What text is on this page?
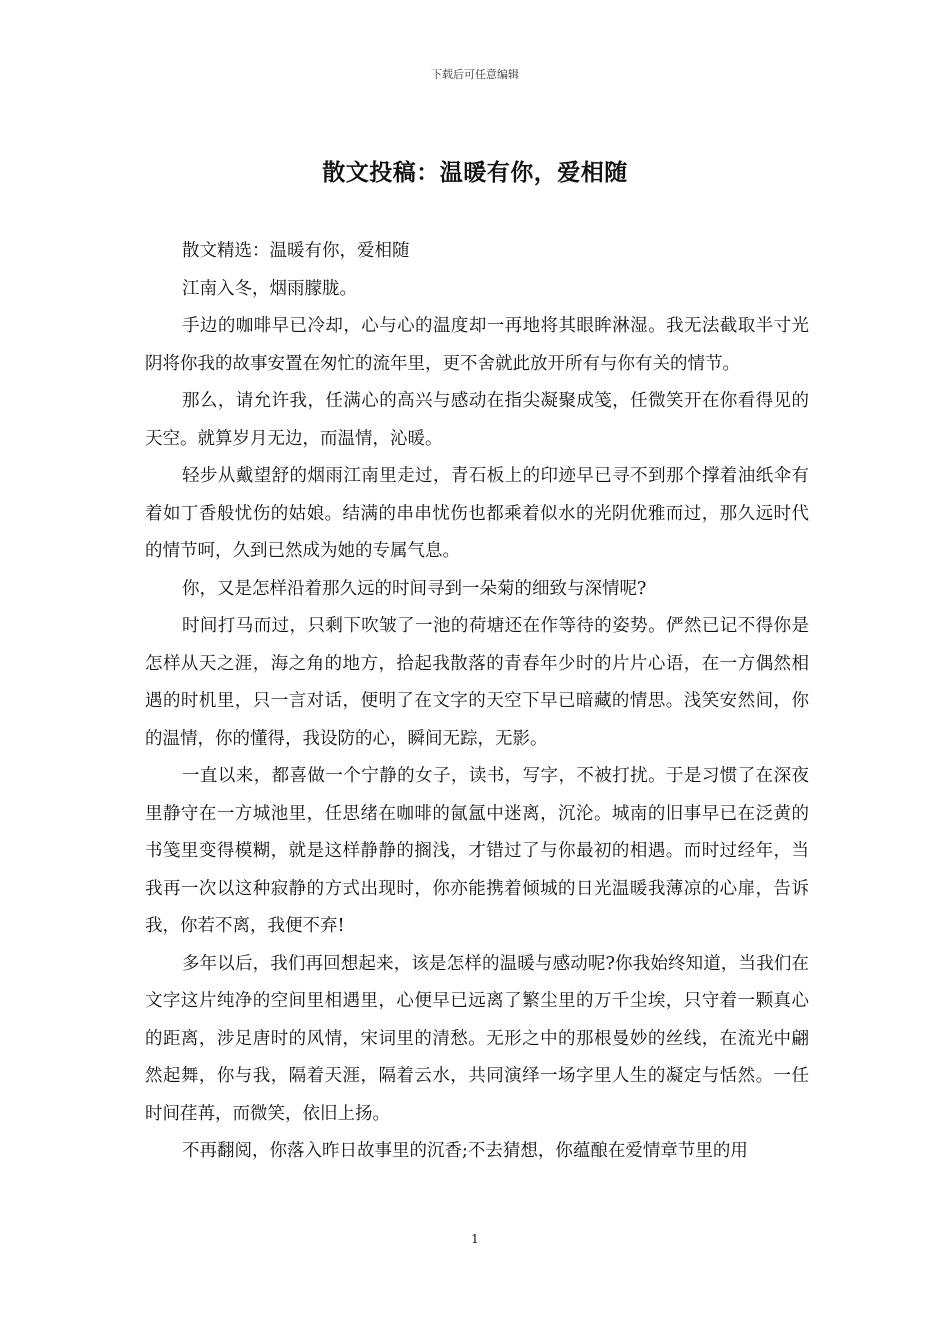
下载后可任意编辑
散文投稿：温暖有你，爱相随

散文精选：温暖有你，爱相随

江南入冬，烟雨朦胧。

手边的咖啡早已冷却，心与心的温度却一再地将其眼眸淋湿。我无法截取半寸光阴将你我的故事安置在匆忙的流年里，更不舍就此放开所有与你有关的情节。

那么，请允许我，任满心的高兴与感动在指尖凝聚成笺，任微笑开在你看得见的天空。就算岁月无边，而温情，沁暖。

轻步从戴望舒的烟雨江南里走过，青石板上的印迹早已寻不到那个撑着油纸伞有着如丁香般忧伤的姑娘。结满的串串忧伤也都乘着似水的光阴优雅而过，那久远时代的情节呵，久到已然成为她的专属气息。

你，又是怎样沿着那久远的时间寻到一朵菊的细致与深情呢?

时间打马而过，只剩下吹皱了一池的荷塘还在作等待的姿势。俨然已记不得你是怎样从天之涯，海之角的地方，拾起我散落的青春年少时的片片心语，在一方偶然相遇的时机里，只一言对话，便明了在文字的天空下早已暗藏的情思。浅笑安然间，你的温情，你的懂得，我设防的心，瞬间无踪，无影。

一直以来，都喜做一个宁静的女子，读书，写字，不被打扰。于是习惯了在深夜里静守在一方城池里，任思绪在咖啡的氤氲中迷离，沉沦。城南的旧事早已在泛黄的书笺里变得模糊，就是这样静静的搁浅，才错过了与你最初的相遇。而时过经年，当我再一次以这种寂静的方式出现时，你亦能携着倾城的日光温暖我薄凉的心扉，告诉我，你若不离，我便不弃!

多年以后，我们再回想起来，该是怎样的温暖与感动呢?你我始终知道，当我们在文字这片纯净的空间里相遇里，心便早已远离了繁尘里的万千尘埃，只守着一颗真心的距离，涉足唐时的风情，宋词里的清愁。无形之中的那根曼妙的丝线，在流光中翩然起舞，你与我，隔着天涯，隔着云水，共同演绎一场字里人生的凝定与恬然。一任时间荏苒，而微笑，依旧上扬。

不再翻阅，你落入昨日故事里的沉香;不去猜想，你蕴酿在爱情章节里的用

1
